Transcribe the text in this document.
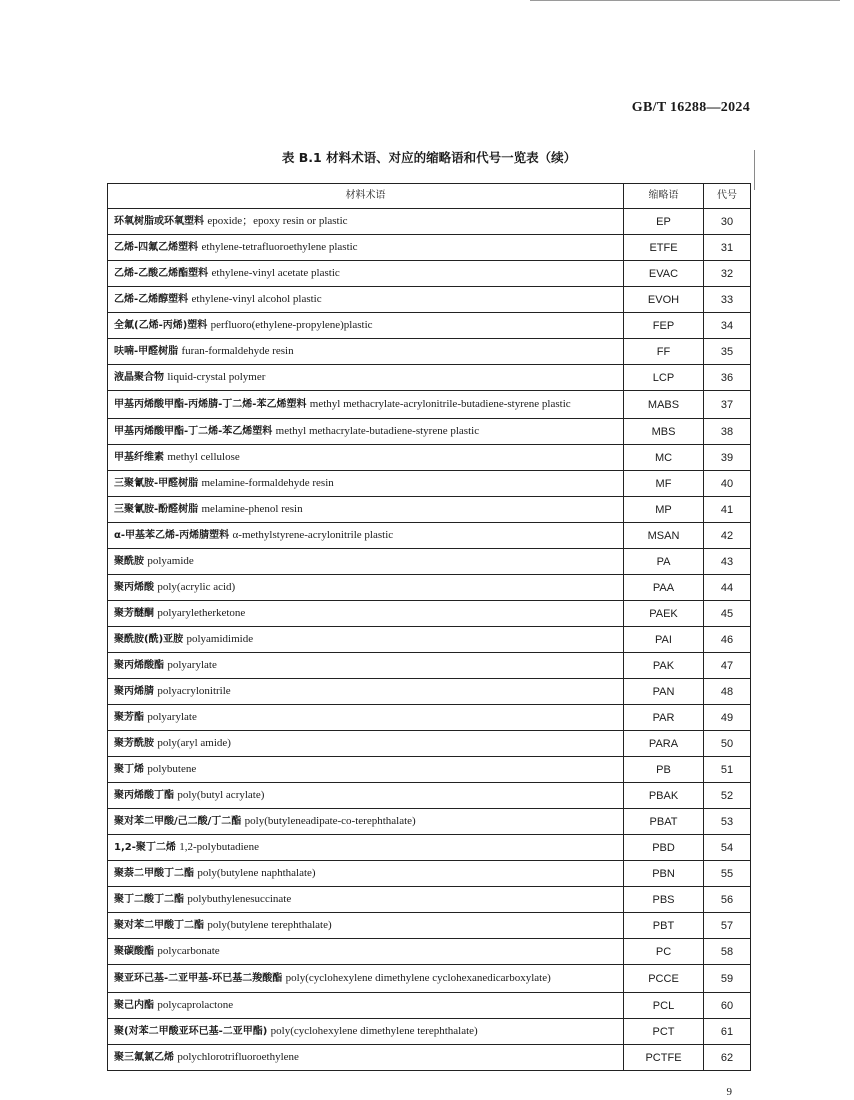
GB/T 16288—2024
表 B.1 材料术语、对应的缩略语和代号一览表（续）
材料术语	缩略语	代号
环氧树脂或环氧塑料 epoxide；epoxy resin or plastic	EP	30
乙烯-四氟乙烯塑料 ethylene-tetrafluoroethylene plastic	ETFE	31
乙烯-乙酸乙烯酯塑料 ethylene-vinyl acetate plastic	EVAC	32
乙烯-乙烯醇塑料 ethylene-vinyl alcohol plastic	EVOH	33
全氟(乙烯-丙烯)塑料 perfluoro(ethylene-propylene)plastic	FEP	34
呋喃-甲醛树脂 furan-formaldehyde resin	FF	35
液晶聚合物 liquid-crystal polymer	LCP	36
甲基丙烯酸甲酯-丙烯腈-丁二烯-苯乙烯塑料 methyl methacrylate-acrylonitrile-butadiene-styrene plastic	MABS	37
甲基丙烯酸甲酯-丁二烯-苯乙烯塑料 methyl methacrylate-butadiene-styrene plastic	MBS	38
甲基纤维素 methyl cellulose	MC	39
三聚氰胺-甲醛树脂 melamine-formaldehyde resin	MF	40
三聚氰胺-酚醛树脂 melamine-phenol resin	MP	41
α-甲基苯乙烯-丙烯腈塑料 α-methylstyrene-acrylonitrile plastic	MSAN	42
聚酰胺 polyamide	PA	43
聚丙烯酸 poly(acrylic acid)	PAA	44
聚芳醚酮 polyaryletherketone	PAEK	45
聚酰胺(酰)亚胺 polyamidimide	PAI	46
聚丙烯酸酯 polyarylate	PAK	47
聚丙烯腈 polyacrylonitrile	PAN	48
聚芳酯 polyarylate	PAR	49
聚芳酰胺 poly(aryl amide)	PARA	50
聚丁烯 polybutene	PB	51
聚丙烯酸丁酯 poly(butyl acrylate)	PBAK	52
聚对苯二甲酸/己二酸/丁二酯 poly(butyleneadipate-co-terephthalate)	PBAT	53
1,2-聚丁二烯 1,2-polybutadiene	PBD	54
聚萘二甲酸丁二酯 poly(butylene naphthalate)	PBN	55
聚丁二酸丁二酯 polybuthylenesuccinate	PBS	56
聚对苯二甲酸丁二酯 poly(butylene terephthalate)	PBT	57
聚碳酸酯 polycarbonate	PC	58
聚亚环己基-二亚甲基-环已基二羧酸酯 poly(cyclohexylene dimethylene cyclohexanedicarboxylate)	PCCE	59
聚己内酯 polycaprolactone	PCL	60
聚(对苯二甲酸亚环已基-二亚甲酯) poly(cyclohexylene dimethylene terephthalate)	PCT	61
聚三氟氯乙烯 polychlorotrifluoroethylene	PCTFE	62
9
